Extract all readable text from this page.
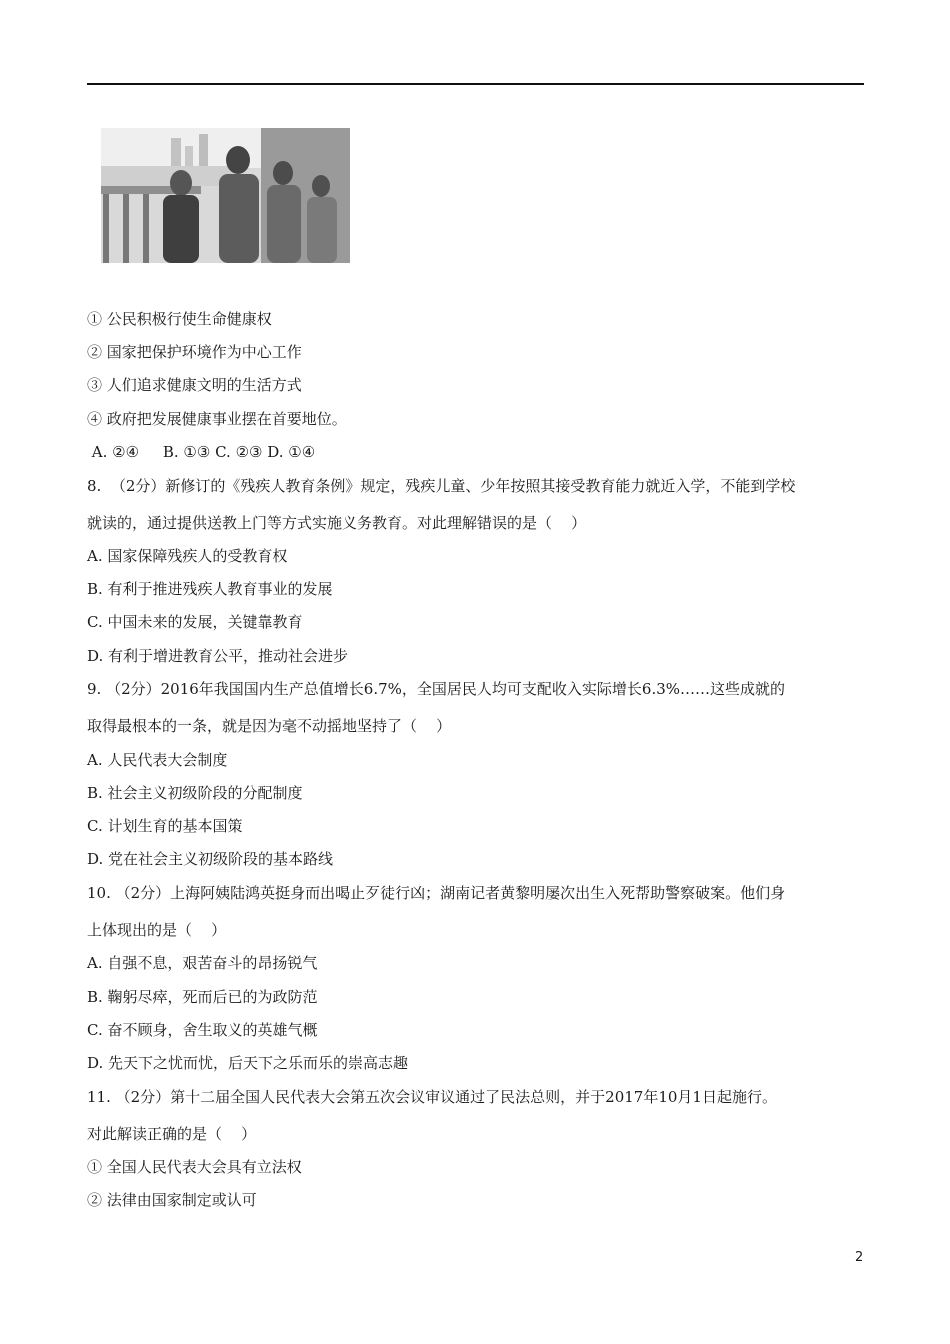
① 公民积极行使生命健康权
② 国家把保护环境作为中心工作
③ 人们追求健康文明的生活方式
④ 政府把发展健康事业摆在首要地位。
A. ②④     B. ①③ C. ②③ D. ①④
8.  （2分）新修订的《残疾人教育条例》规定，残疾儿童、少年按照其接受教育能力就近入学，不能到学校
就读的，通过提供送教上门等方式实施义务教育。对此理解错误的是（    ）
A. 国家保障残疾人的受教育权
B. 有利于推进残疾人教育事业的发展
C. 中国未来的发展，关键靠教育
D. 有利于增进教育公平，推动社会进步
9. （2分）2016年我国国内生产总值增长6.7%，全国居民人均可支配收入实际增长6.3%……这些成就的
取得最根本的一条，就是因为毫不动摇地坚持了（    ）
A. 人民代表大会制度
B. 社会主义初级阶段的分配制度
C. 计划生育的基本国策
D. 党在社会主义初级阶段的基本路线
10. （2分）上海阿姨陆鸿英挺身而出喝止歹徒行凶；湖南记者黄黎明屡次出生入死帮助警察破案。他们身
上体现出的是（    ）
A. 自强不息，艰苦奋斗的昂扬锐气
B. 鞠躬尽瘁，死而后已的为政防范
C. 奋不顾身，舍生取义的英雄气概
D. 先天下之忧而忧，后天下之乐而乐的崇高志趣
11. （2分）第十二届全国人民代表大会第五次会议审议通过了民法总则，并于2017年10月1日起施行。
对此解读正确的是（    ）
① 全国人民代表大会具有立法权
② 法律由国家制定或认可
2
